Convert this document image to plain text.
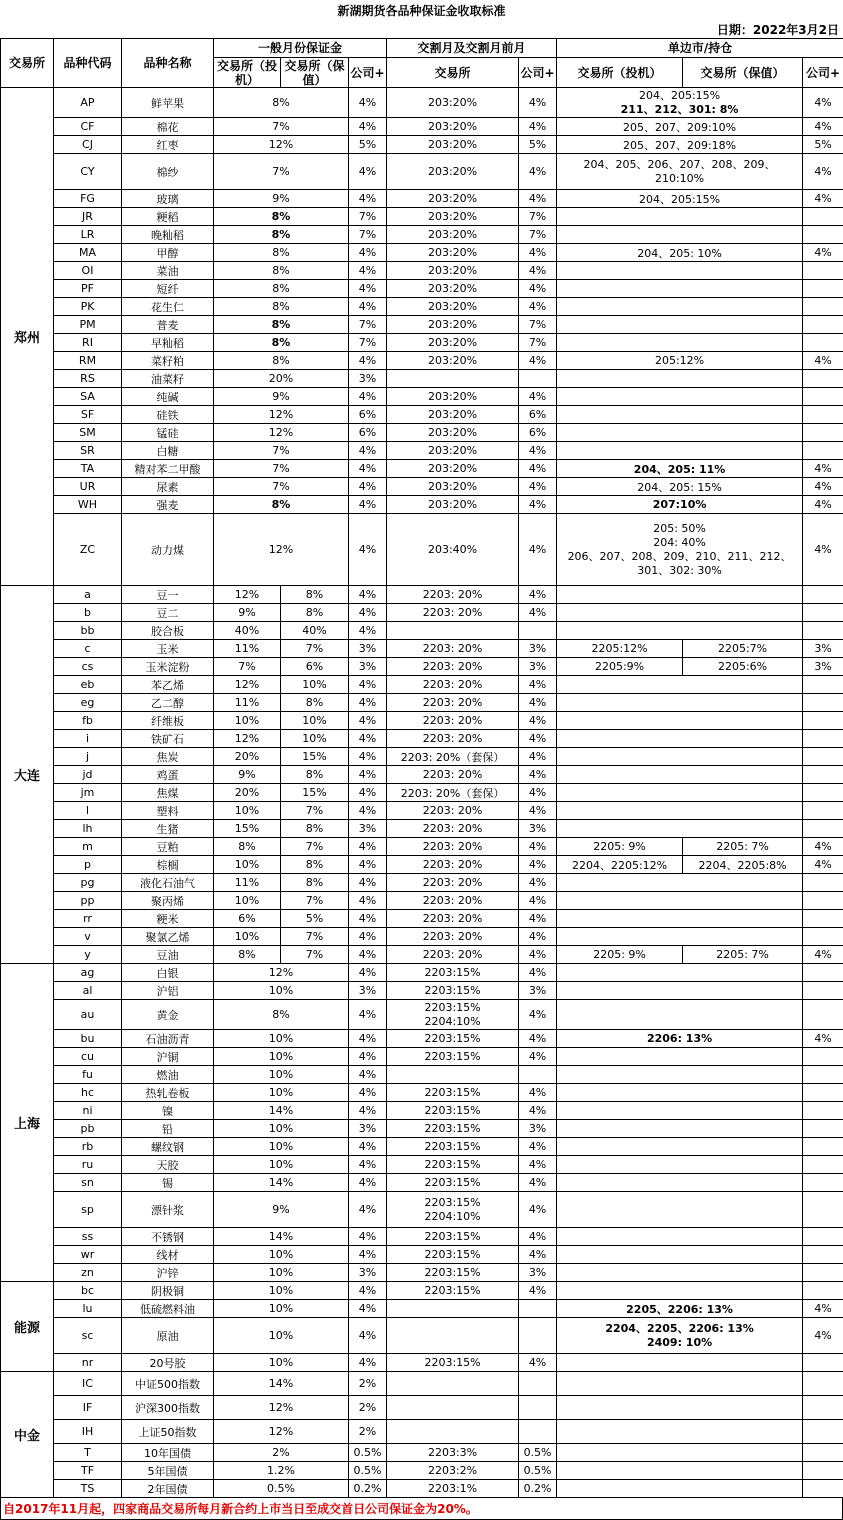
新湖期货各品种保证金收取标准
日期：2022年3月2日
交易所	品种代码	品种名称	一般月份保证金			交割月及交割月前月		单边市/持仓		
			交易所（投机）	交易所（保值）	公司+	交易所	公司+	交易所（投机）	交易所（保值）	公司+
郑州	AP	鲜苹果	8%		4%	203:20%	4%	204、205:15%
211、212、301: 8%		4%
	CF	棉花	7%		4%	203:20%	4%	205、207、209:10%		4%
	CJ	红枣	12%		5%	203:20%	5%	205、207、209:18%		5%
	CY	棉纱	7%		4%	203:20%	4%	204、205、206、207、208、209、
210:10%		4%
	FG	玻璃	9%		4%	203:20%	4%	204、205:15%		4%
	JR	粳稻	8%		7%	203:20%	7%			
	LR	晚籼稻	8%		7%	203:20%	7%			
	MA	甲醇	8%		4%	203:20%	4%	204、205: 10%		4%
	OI	菜油	8%		4%	203:20%	4%			
	PF	短纤	8%		4%	203:20%	4%			
	PK	花生仁	8%		4%	203:20%	4%			
	PM	普麦	8%		7%	203:20%	7%			
	RI	早籼稻	8%		7%	203:20%	7%			
	RM	菜籽粕	8%		4%	203:20%	4%	205:12%		4%
	RS	油菜籽	20%		3%					
	SA	纯碱	9%		4%	203:20%	4%			
	SF	硅铁	12%		6%	203:20%	6%			
	SM	锰硅	12%		6%	203:20%	6%			
	SR	白糖	7%		4%	203:20%	4%			
	TA	精对苯二甲酸	7%		4%	203:20%	4%	204、205: 11%		4%
	UR	尿素	7%		4%	203:20%	4%	204、205: 15%		4%
	WH	强麦	8%		4%	203:20%	4%	207:10%		4%
	ZC	动力煤	12%		4%	203:40%	4%	205: 50%
204: 40%
206、207、208、209、210、211、212、
301、302: 30%		4%
大连	a	豆一	12%	8%	4%	2203: 20%	4%			
	b	豆二	9%	8%	4%	2203: 20%	4%			
	bb	胶合板	40%	40%	4%					
	c	玉米	11%	7%	3%	2203: 20%	3%	2205:12%	2205:7%	3%
	cs	玉米淀粉	7%	6%	3%	2203: 20%	3%	2205:9%	2205:6%	3%
	eb	苯乙烯	12%	10%	4%	2203: 20%	4%			
	eg	乙二醇	11%	8%	4%	2203: 20%	4%			
	fb	纤维板	10%	10%	4%	2203: 20%	4%			
	i	铁矿石	12%	10%	4%	2203: 20%	4%			
	j	焦炭	20%	15%	4%	2203: 20%（套保）	4%			
	jd	鸡蛋	9%	8%	4%	2203: 20%	4%			
	jm	焦煤	20%	15%	4%	2203: 20%（套保）	4%			
	l	塑料	10%	7%	4%	2203: 20%	4%			
	lh	生猪	15%	8%	3%	2203: 20%	3%			
	m	豆粕	8%	7%	4%	2203: 20%	4%	2205: 9%	2205: 7%	4%
	p	棕榈	10%	8%	4%	2203: 20%	4%	2204、2205:12%	2204、2205:8%	4%
	pg	液化石油气	11%	8%	4%	2203: 20%	4%			
	pp	聚丙烯	10%	7%	4%	2203: 20%	4%			
	rr	粳米	6%	5%	4%	2203: 20%	4%			
	v	聚氯乙烯	10%	7%	4%	2203: 20%	4%			
	y	豆油	8%	7%	4%	2203: 20%	4%	2205: 9%	2205: 7%	4%
上海	ag	白银	12%		4%	2203:15%	4%			
	al	沪铝	10%		3%	2203:15%	3%			
	au	黄金	8%		4%	2203:15%
2204:10%	4%			
	bu	石油沥青	10%		4%	2203:15%	4%	2206: 13%		4%
	cu	沪铜	10%		4%	2203:15%	4%			
	fu	燃油	10%		4%					
	hc	热轧卷板	10%		4%	2203:15%	4%			
	ni	镍	14%		4%	2203:15%	4%			
	pb	铅	10%		3%	2203:15%	3%			
	rb	螺纹钢	10%		4%	2203:15%	4%			
	ru	天胶	10%		4%	2203:15%	4%			
	sn	锡	14%		4%	2203:15%	4%			
	sp	漂针浆	9%		4%	2203:15%
2204:10%	4%			
	ss	不锈钢	14%		4%	2203:15%	4%			
	wr	线材	10%		4%	2203:15%	4%			
	zn	沪锌	10%		3%	2203:15%	3%			
能源	bc	阴极铜	10%		4%	2203:15%	4%			
	lu	低硫燃料油	10%		4%			2205、2206: 13%		4%
	sc	原油	10%		4%			2204、2205、2206: 13%
2409: 10%		4%
	nr	20号胶	10%		4%	2203:15%	4%			
中金	IC	中证500指数	14%		2%					
	IF	沪深300指数	12%		2%					
	IH	上证50指数	12%		2%					
	T	10年国债	2%		0.5%	2203:3%	0.5%			
	TF	5年国债	1.2%		0.5%	2203:2%	0.5%			
	TS	2年国债	0.5%		0.2%	2203:1%	0.2%			
自2017年11月起，四家商品交易所每月新合约上市当日至成交首日公司保证金为20%。
